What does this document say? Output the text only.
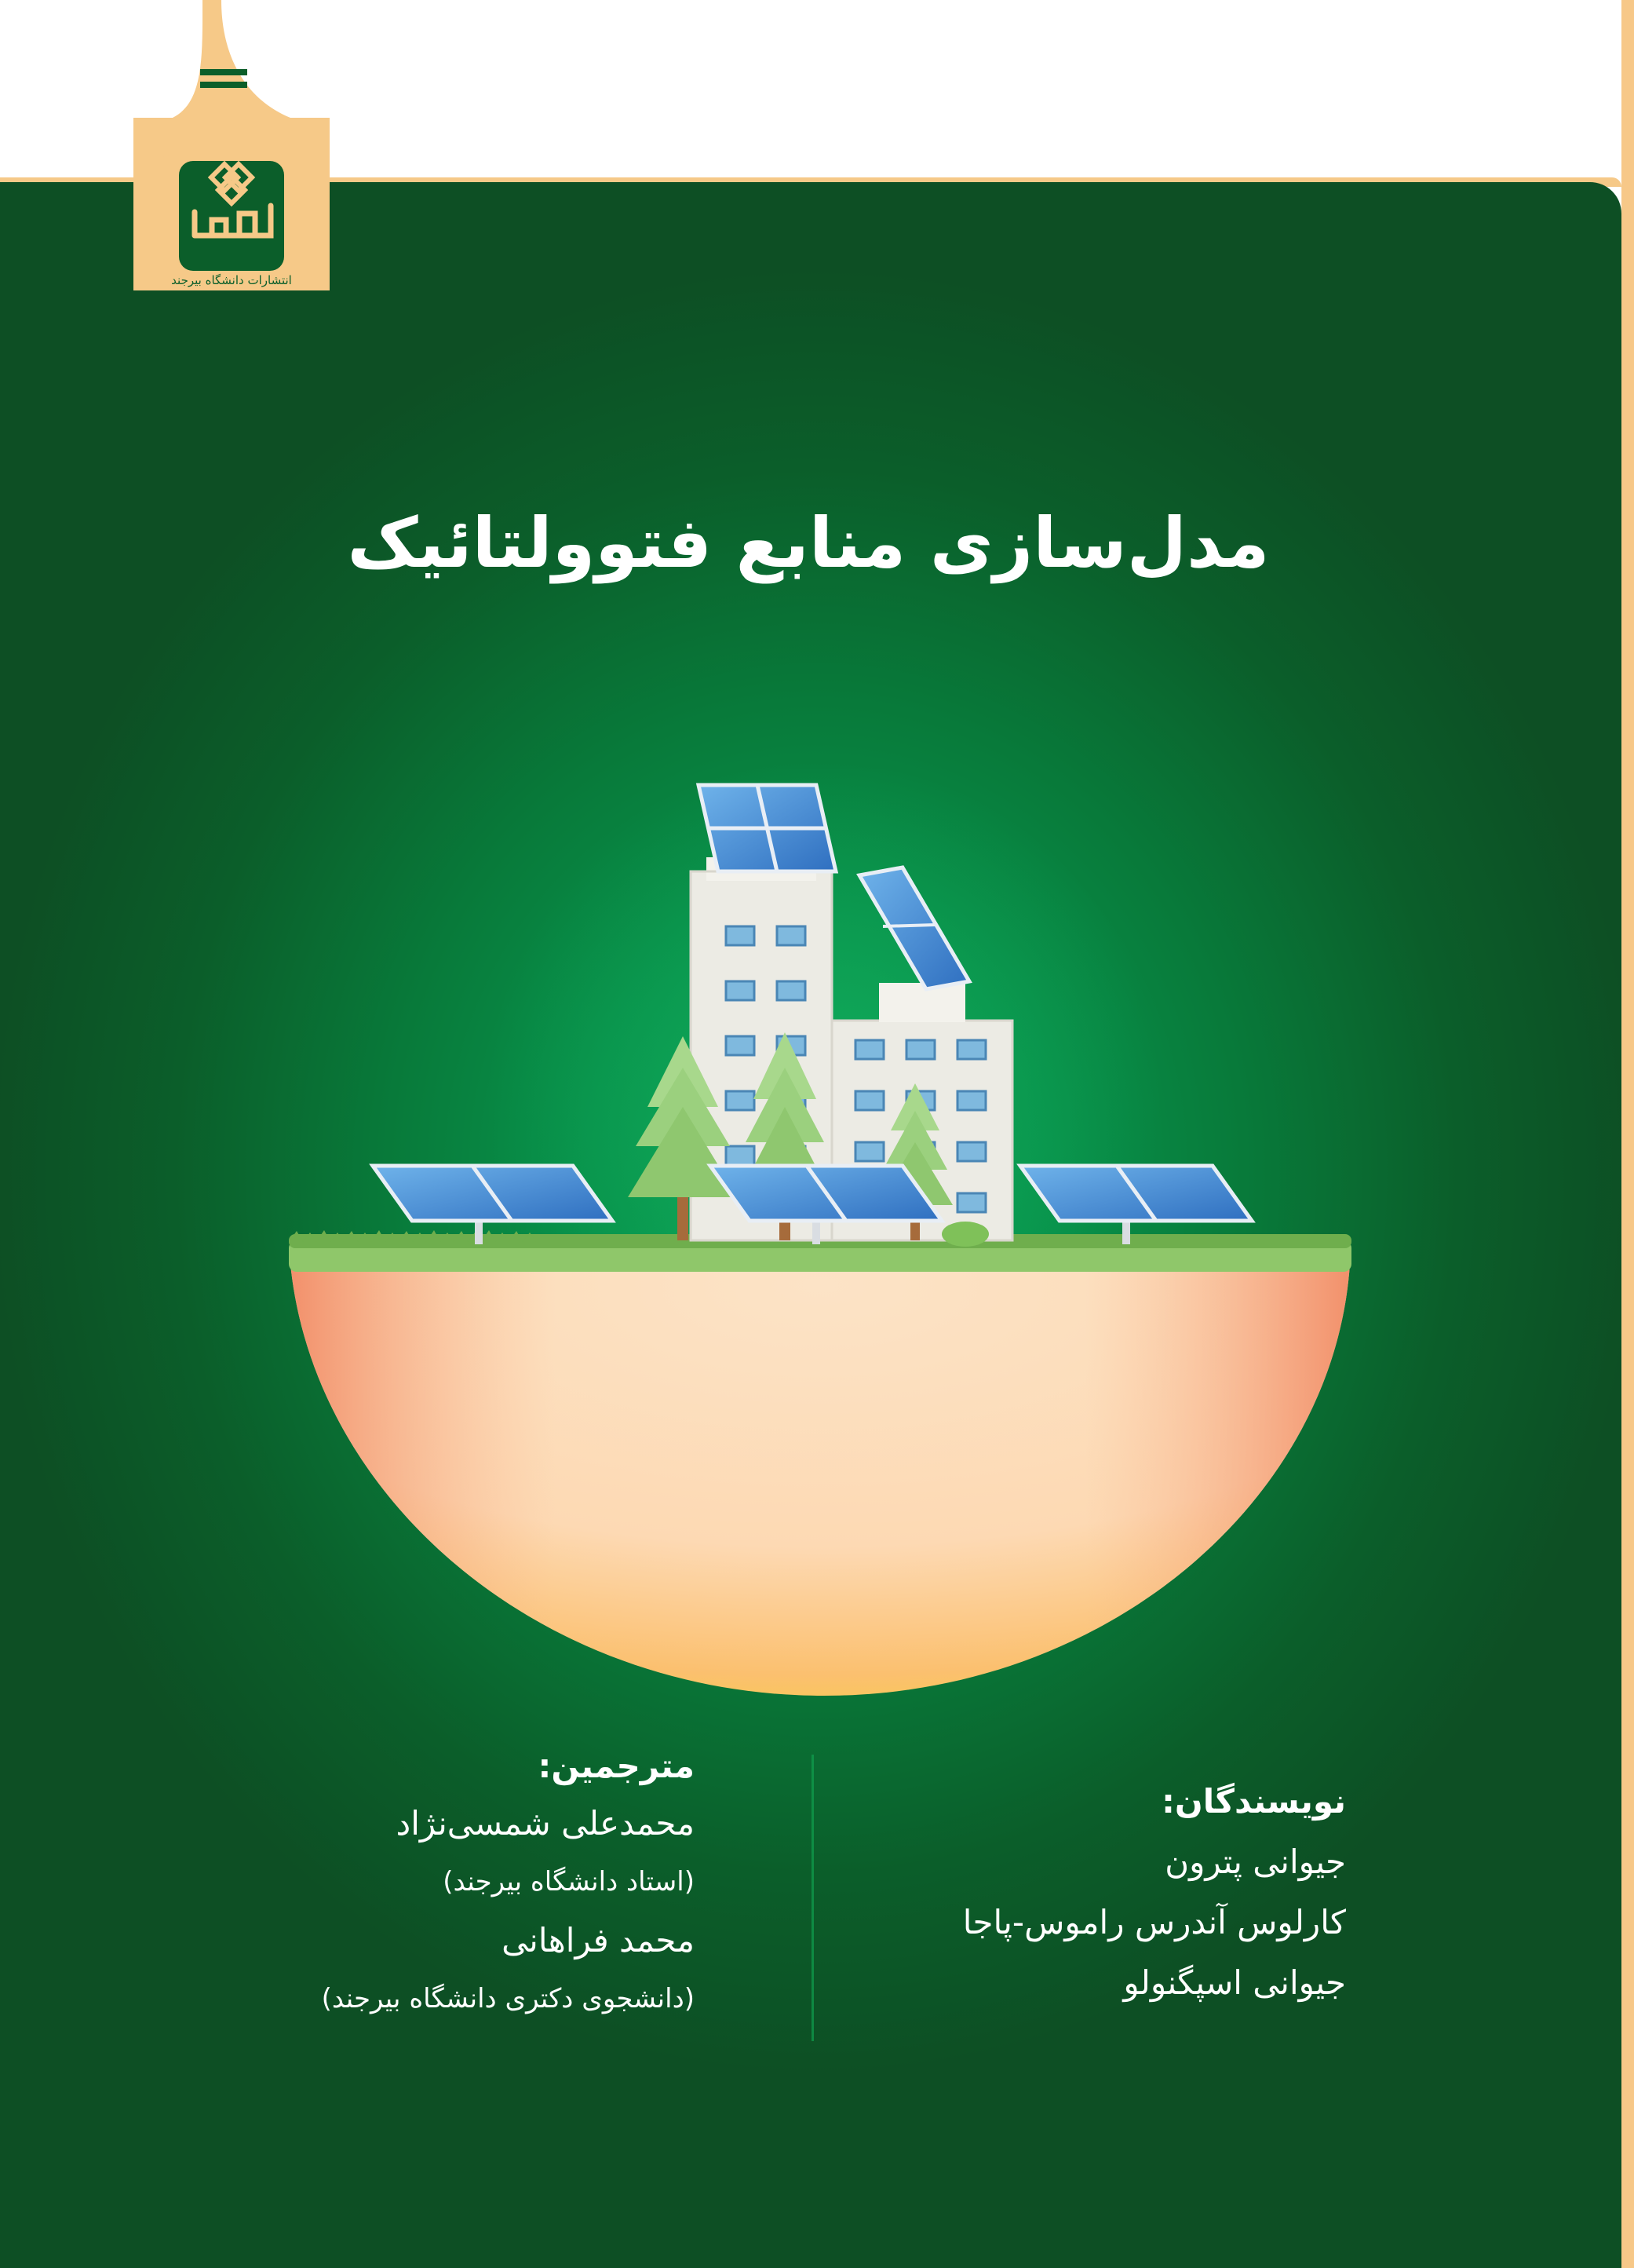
انتشارات دانشگاه بیرجند
مدل‌سازی منابع فتوولتائیک

نویسندگان:

جیوانی پترون

کارلوس آندرس راموس-پاجا

جیوانی اسپگنولو

مترجمین:

محمدعلی شمسی‌نژاد

(استاد دانشگاه بیرجند)

محمد فراهانی

(دانشجوی دکتری دانشگاه بیرجند)
